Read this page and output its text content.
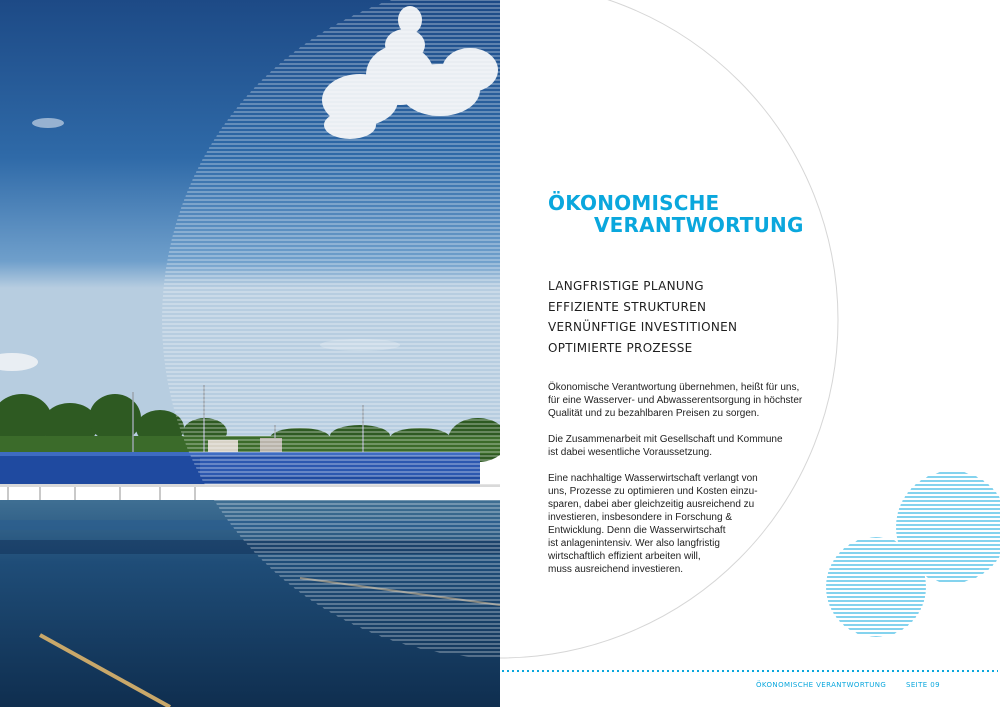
ÖKONOMISCHE
VERANTWORTUNG
LANGFRISTIGE PLANUNG
EFFIZIENTE STRUKTUREN
VERNÜNFTIGE INVESTITIONEN
OPTIMIERTE PROZESSE

Ökonomische Verantwortung übernehmen, heißt für uns,
für eine Wasserver- und Abwasserentsorgung in höchster
Qualität und zu bezahlbaren Preisen zu sorgen.

Die Zusammenarbeit mit Gesellschaft und Kommune
ist dabei wesentliche Voraussetzung.

Eine nachhaltige Wasserwirtschaft verlangt von
uns, Prozesse zu optimieren und Kosten einzu-
sparen, dabei aber gleichzeitig ausreichend zu
investieren, insbesondere in Forschung &
Entwicklung. Denn die Wasserwirtschaft
ist anlagenintensiv. Wer also langfristig
wirtschaftlich effizient arbeiten will,
muss ausreichend investieren.

ÖKONOMISCHE VERANTWORTUNG	SEITE 09
